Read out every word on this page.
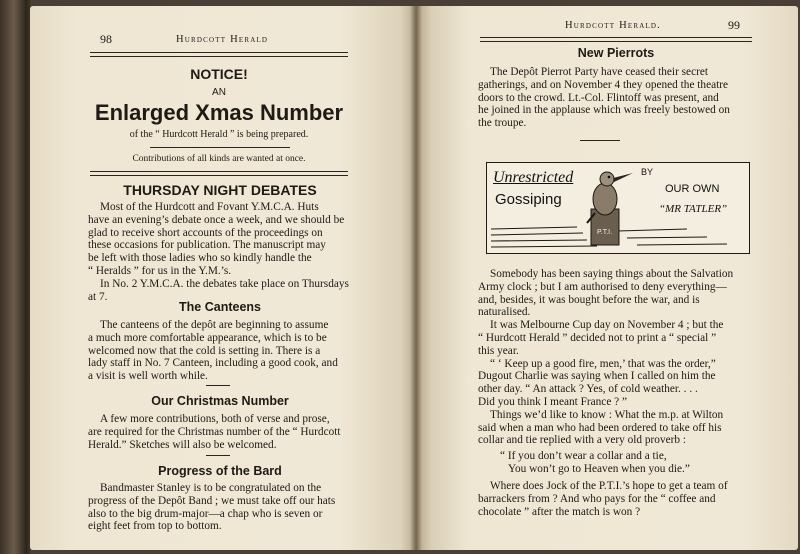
98	Hurdcott Herald
NOTICE!
AN
Enlarged Xmas Number
of the “ Hurdcott Herald ” is being prepared.
Contributions of all kinds are wanted at once.
THURSDAY NIGHT DEBATES
Most of the Hurdcott and Fovant Y.M.C.A. Huts
have an evening’s debate once a week, and we should be
glad to receive short accounts of the proceedings on
these occasions for publication. The manuscript may
be left with those ladies who so kindly handle the
“ Heralds ” for us in the Y.M.’s.
In No. 2 Y.M.C.A. the debates take place on Thursdays
at 7.
The Canteens
The canteens of the depôt are beginning to assume
a much more comfortable appearance, which is to be
welcomed now that the cold is setting in. There is a
lady staff in No. 7 Canteen, including a good cook, and
a visit is well worth while.
Our Christmas Number
A few more contributions, both of verse and prose,
are required for the Christmas number of the “ Hurdcott
Herald.” Sketches will also be welcomed.
Progress of the Bard
Bandmaster Stanley is to be congratulated on the
progress of the Depôt Band ; we must take off our hats
also to the big drum-major—a chap who is seven or
eight feet from top to bottom.
Hurdcott Herald.	99
New Pierrots
The Depôt Pierrot Party have ceased their secret
gatherings, and on November 4 they opened the theatre
doors to the crowd. Lt.-Col. Flintoff was present, and
he joined in the applause which was freely bestowed on
the troupe.
Unrestricted
Gossiping
BY
OUR OWN
“MR TATLER”
P.T.I.
Somebody has been saying things about the Salvation
Army clock ; but I am authorised to deny everything—
and, besides, it was bought before the war, and is
naturalised.
It was Melbourne Cup day on November 4 ; but the
“ Hurdcott Herald ” decided not to print a “ special ”
this year.
“ ‘ Keep up a good fire, men,’ that was the order,”
Dugout Charlie was saying when I called on him the
other day. “ An attack ? Yes, of cold weather. . . .
Did you think I meant France ? ”
Things we’d like to know : What the m.p. at Wilton
said when a man who had been ordered to take off his
collar and tie replied with a very old proverb :
“ If you don’t wear a collar and a tie,
You won’t go to Heaven when you die.”
Where does Jock of the P.T.I.’s hope to get a team of
barrackers from ? And who pays for the “ coffee and
chocolate ” after the match is won ?
